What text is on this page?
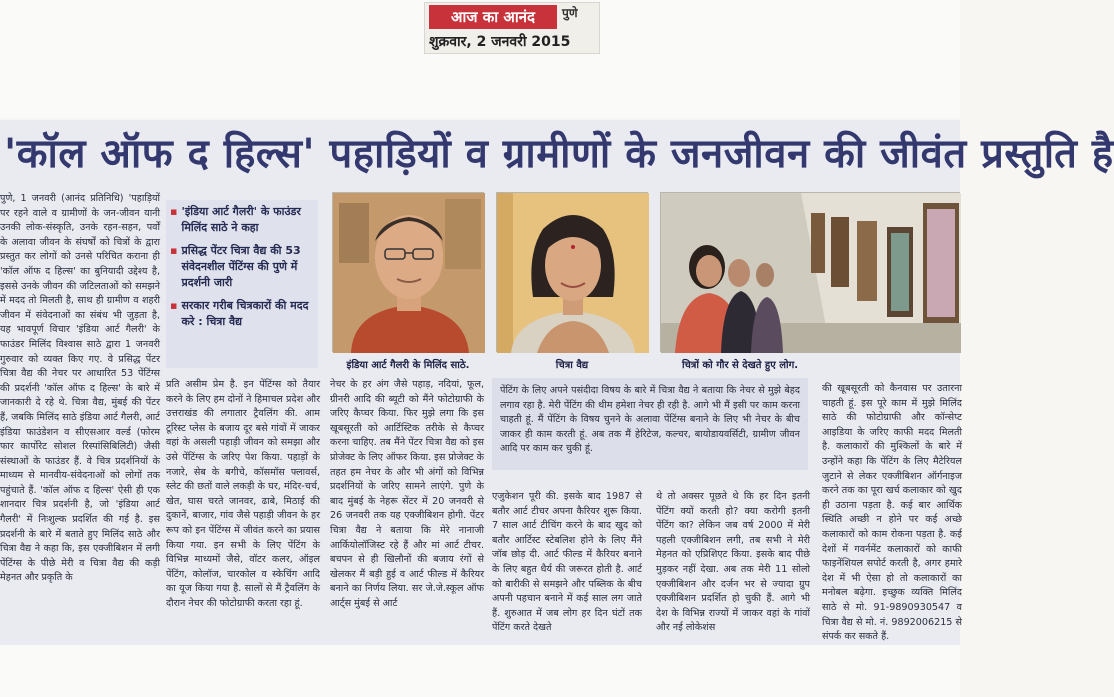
आज का आनंद	पुणे
शुक्रवार, 2 जनवरी 2015
'कॉल ऑफ द हिल्स' पहाड़ियों व ग्रामीणों के जनजीवन की जीवंत प्रस्तुति है
पुणे, 1 जनवरी (आनंद प्रतिनिधि) 'पहाड़ियों पर रहने वाले व ग्रामीणों के जन-जीवन यानी उनकी लोक-संस्कृति, उनके रहन-सहन, पर्वों के अलावा जीवन के संघर्षों को चित्रों के द्वारा प्रस्तुत कर लोगों को उनसे परिचित कराना ही 'कॉल ऑफ द हिल्स' का बुनियादी उद्देश्य है, इससे उनके जीवन की जटिलताओं को समझने में मदद तो मिलती है, साथ ही ग्रामीण व शहरी जीवन में संवेदनाओं का संबंध भी जुड़ता है, यह भावपूर्ण विचार 'इंडिया आर्ट गैलरी' के फाउंडर मिलिंद विश्वास साठे द्वारा 1 जनवरी गुरुवार को व्यक्त किए गए. वे प्रसिद्ध पेंटर चित्रा वैद्य की नेचर पर आधारित 53 पेंटिंग्स की प्रदर्शनी 'कॉल ऑफ द हिल्स' के बारे में जानकारी दे रहे थे. चित्रा वैद्य, मुंबई की पेंटर हैं, जबकि मिलिंद साठे इंडिया आर्ट गैलरी, आर्ट इंडिया फाउंडेशन व सीएसआर वर्ल्ड (फोरम फार कार्पोरेट सोशल रिस्पांसिबिलिटी) जैसी संस्थाओं के फाउंडर हैं. वे चित्र प्रदर्शनियों के माध्यम से मानवीय-संवेदनाओं को लोगों तक पहुंचाते हैं. 'कॉल ऑफ द हिल्स' ऐसी ही एक शानदार चित्र प्रदर्शनी है, जो 'इंडिया आर्ट गैलरी' में निःशुल्क प्रदर्शित की गई है. इस प्रदर्शनी के बारे में बताते हुए मिलिंद साठे और चित्रा वैद्य ने कहा कि, इस एक्जीबिशन में लगी पेंटिंग्स के पीछे मेरी व चित्रा वैद्य की कड़ी मेहनत और प्रकृति के
▪ 'इंडिया आर्ट गैलरी' के फाउंडर मिलिंद साठे ने कहा
▪ प्रसिद्ध पेंटर चित्रा वैद्य की 53 संवेदनशील पेंटिंग्स की पुणे में प्रदर्शनी जारी
▪ सरकार गरीब चित्रकारों की मदद करे : चित्रा वैद्य
इंडिया आर्ट गैलरी के मिलिंद साठे.	चित्रा वैद्य	चित्रों को गौर से देखते हुए लोग.
प्रति असीम प्रेम है. इन पेंटिंग्स को तैयार करने के लिए हम दोनों ने हिमाचल प्रदेश और उत्तराखंड की लगातार ट्रैवलिंग की. आम टूरिस्ट प्लेस के बजाय दूर बसे गांवों में जाकर वहां के असली पहाड़ी जीवन को समझा और उसे पेंटिंग्स के जरिए पेश किया. पहाड़ों के नजारे, सेब के बगीचे, कॉसमॉस फ्लावर्स, स्लेट की छतों वाले लकड़ी के घर, मंदिर-चर्च, खेत, घास चरते जानवर, ढाबे, मिठाई की दुकानें, बाजार, गांव जैसे पहाड़ी जीवन के हर रूप को इन पेंटिंग्स में जीवंत करने का प्रयास किया गया. इन सभी के लिए पेंटिंग के विभिन्न माध्यमों जैसे, वॉटर कलर, ऑइल पेंटिंग, कोलॉज, चारकोल व स्केचिंग आदि का यूज किया गया है. सालों से मैं ट्रैवलिंग के दौरान नेचर की फोटोग्राफी करता रहा हूं.
नेचर के हर अंग जैसे पहाड़, नदियां, फूल, ग्रीनरी आदि की ब्यूटी को मैंने फोटोग्राफी के जरिए कैप्चर किया. फिर मुझे लगा कि इस खूबसूरती को आर्टिस्टिक तरीके से कैप्चर करना चाहिए. तब मैंने पेंटर चित्रा वैद्य को इस प्रोजेक्ट के लिए ऑफर किया. इस प्रोजेक्ट के तहत हम नेचर के और भी अंगों को विभिन्न प्रदर्शनियों के जरिए सामने लाएंगे. पुणे के बाद मुंबई के नेहरू सेंटर में 20 जनवरी से 26 जनवरी तक यह एक्जीबिशन होगी. पेंटर चित्रा वैद्य ने बताया कि मेरे नानाजी आर्कियोलॉजिस्ट रहे हैं और मां आर्ट टीचर. बचपन से ही खिलौनों की बजाय रंगों से खेलकर मैं बड़ी हुई व आर्ट फील्ड में कैरियर बनाने का निर्णय लिया. सर जे.जे.स्कूल ऑफ आर्ट्स मुंबई से आर्ट
पेंटिंग के लिए अपने पसंदीदा विषय के बारे में चित्रा वैद्य ने बताया कि नेचर से मुझे बेहद लगाव रहा है. मेरी पेंटिंग की थीम हमेशा नेचर ही रही है. आगे भी मैं इसी पर काम करना चाहती हूं. मैं पेंटिंग के विषय चुनने के अलावा पेंटिंग्स बनाने के लिए भी नेचर के बीच जाकर ही काम करती हूं. अब तक मैं हेरिटेज, कल्चर, बायोडायवर्सिटी, ग्रामीण जीवन आदि पर काम कर चुकी हूं.
एजुकेशन पूरी की. इसके बाद 1987 से बतौर आर्ट टीचर अपना कैरियर शुरू किया. 7 साल आर्ट टीचिंग करने के बाद खुद को बतौर आर्टिस्ट स्टेबलिश होने के लिए मैंने जॉब छोड़ दी. आर्ट फील्ड में कैरियर बनाने के लिए बहुत धैर्य की जरूरत होती है. आर्ट को बारीकी से समझने और पब्लिक के बीच अपनी पहचान बनाने में कई साल लग जाते हैं. शुरुआत में जब लोग हर दिन घंटों तक पेंटिंग करते देखते
थे तो अक्सर पूछते थे कि हर दिन इतनी पेंटिंग क्यों करती हो? क्या करोगी इतनी पेंटिंग का? लेकिन जब वर्ष 2000 में मेरी पहली एक्जीबिशन लगी, तब सभी ने मेरी मेहनत को एप्रिशिएट किया. इसके बाद पीछे मुड़कर नहीं देखा. अब तक मेरी 11 सोलो एक्जीबिशन और दर्जन भर से ज्यादा ग्रुप एक्जीबिशन प्रदर्शित हो चुकी हैं. आगे भी देश के विभिन्न राज्यों में जाकर वहां के गांवों और नई लोकेशंस
की खूबसूरती को कैनवास पर उतारना चाहती हूं. इस पूरे काम में मुझे मिलिंद साठे की फोटोग्राफी और कॉन्सेप्ट आइडिया के जरिए काफी मदद मिलती है. कलाकारों की मुश्किलों के बारे में उन्होंने कहा कि पेंटिंग के लिए मैटेरियल जुटाने से लेकर एक्जीबिशन ऑर्गनाइज करने तक का पूरा खर्च कलाकार को खुद ही उठाना पड़ता है. कई बार आर्थिक स्थिति अच्छी न होने पर कई अच्छे कलाकारों को काम रोकना पड़ता है. कई देशों में गवर्नमेंट कलाकारों को काफी फाइनेंशियल सपोर्ट करती है, अगर हमारे देश में भी ऐसा हो तो कलाकारों का मनोबल बढ़ेगा. इच्छुक व्यक्ति मिलिंद साठे से मो. 91-9890930547 व चित्रा वैद्य से मो. नं. 9892006215 से संपर्क कर सकते हैं.
